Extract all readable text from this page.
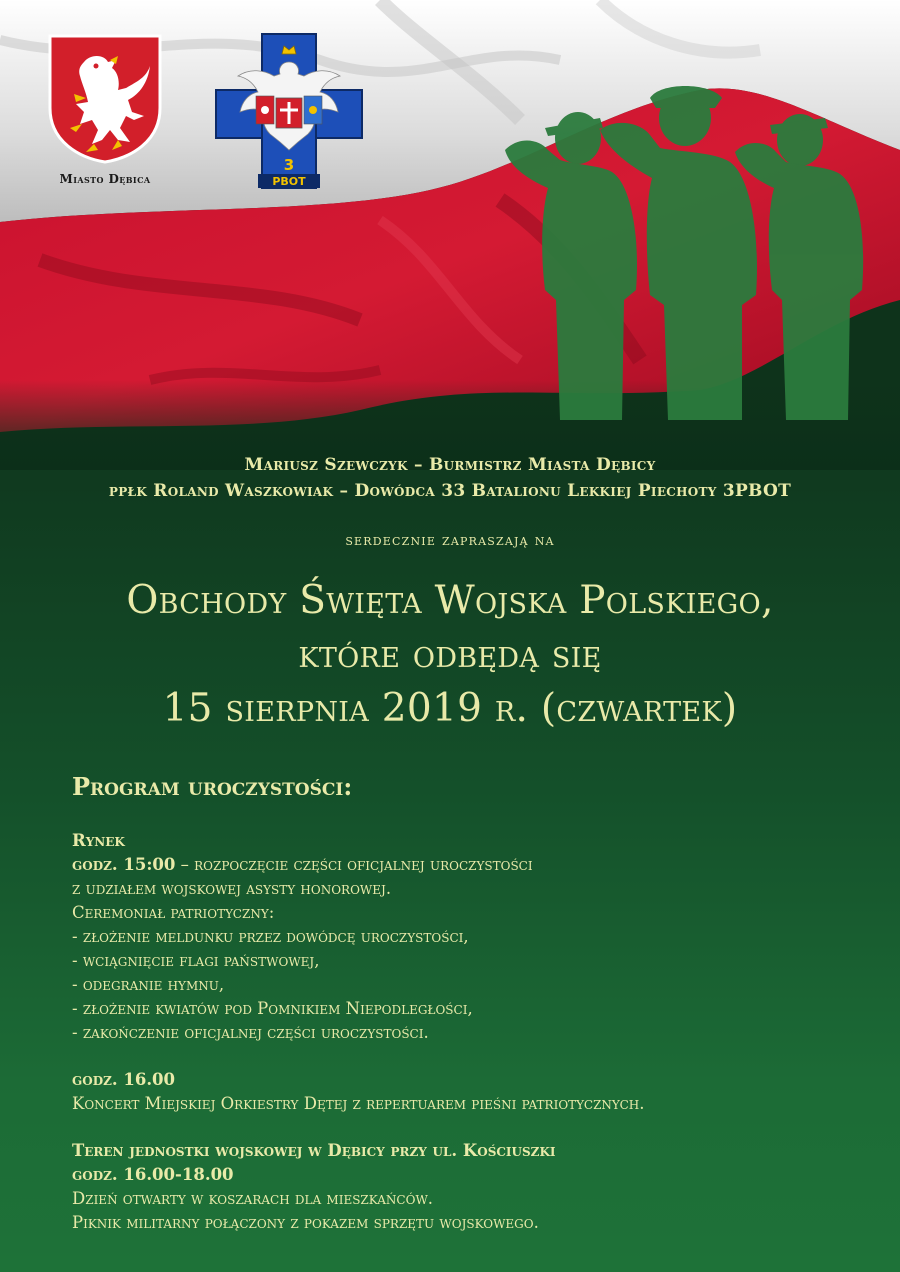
Miasto Dębica
3
PBOT
Mariusz Szewczyk – Burmistrz Miasta Dębicy
ppłk Roland Waszkowiak – Dowódca 33 Batalionu Lekkiej Piechoty 3PBOT
serdecznie zapraszają na
Obchody Święta Wojska Polskiego,
które odbędą się
15 sierpnia 2019 r. (czwartek)
Program uroczystości:
Rynek
godz. 15:00 – rozpoczęcie części oficjalnej uroczystości
z udziałem wojskowej asysty honorowej.
Ceremoniał patriotyczny:
- złożenie meldunku przez dowódcę uroczystości,
- wciągnięcie flagi państwowej,
- odegranie hymnu,
- złożenie kwiatów pod Pomnikiem Niepodległości,
- zakończenie oficjalnej części uroczystości.
godz. 16.00
Koncert Miejskiej Orkiestry Dętej z repertuarem pieśni patriotycznych.
Teren jednostki wojskowej w Dębicy przy ul. Kościuszki
godz. 16.00-18.00
Dzień otwarty w koszarach dla mieszkańców.
Piknik militarny połączony z pokazem sprzętu wojskowego.
